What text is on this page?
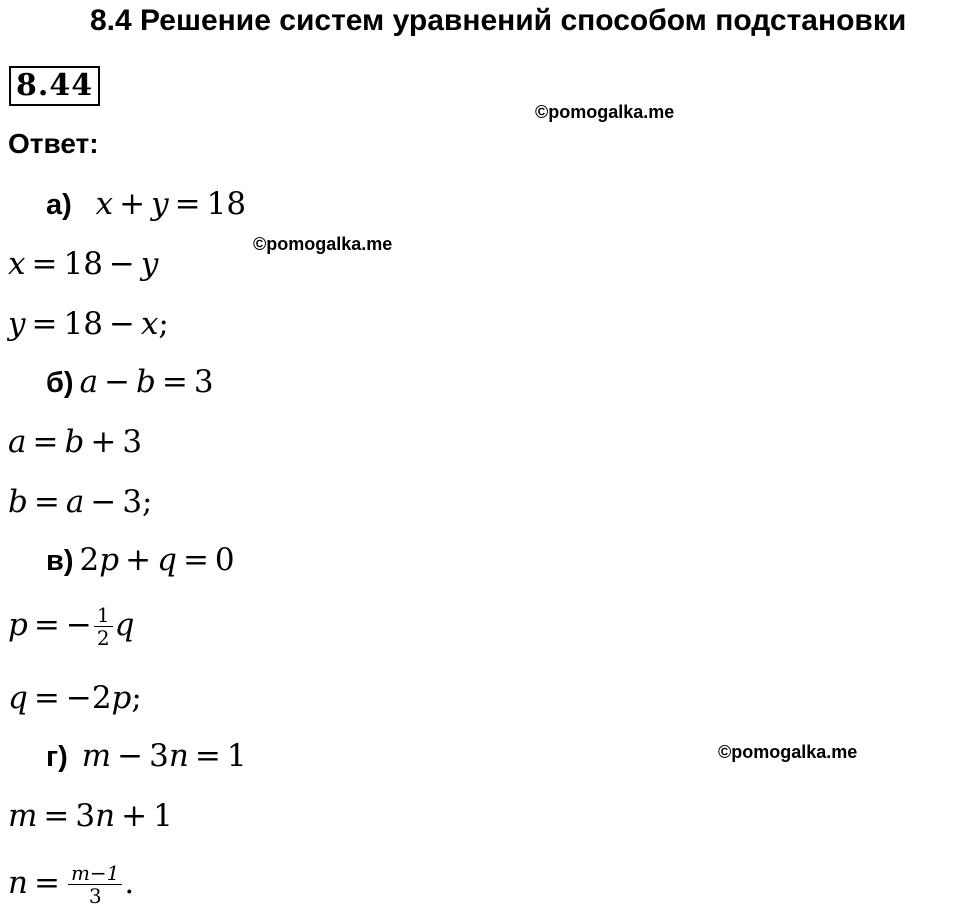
8.4 Решение систем уравнений способом подстановки
8.44
©pomogalka.me
©pomogalka.me
©pomogalka.me
Ответ:
а) x + y = 18
x = 18 − y
y = 18 − x;
б) a − b = 3
a = b + 3
b = a − 3;
в) 2p + q = 0
p = − $\frac{1}{2}$ q
q = −2p;
г) m − 3n = 1
m = 3n + 1
$n = \frac{m-1}{3}$ .
